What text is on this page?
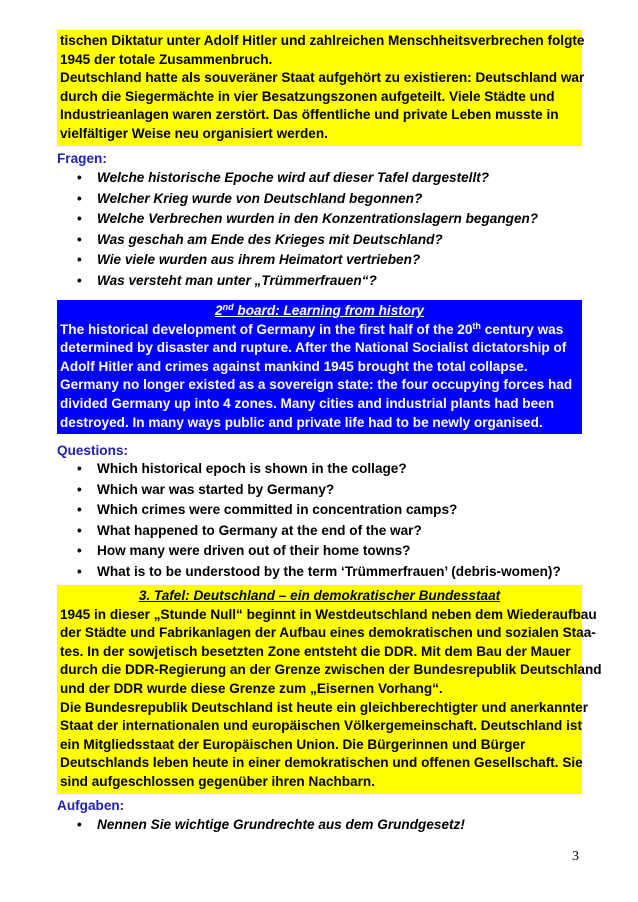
tischen Diktatur unter Adolf Hitler und zahlreichen Menschheitsverbrechen folgte
1945 der totale Zusammenbruch.
Deutschland hatte als souveräner Staat aufgehört zu existieren: Deutschland war
durch die Siegermächte in vier Besatzungszonen aufgeteilt. Viele Städte und
Industrieanlagen waren zerstört. Das öffentliche und private Leben musste in
vielfältiger Weise neu organisiert werden.
Fragen:
• Welche historische Epoche wird auf dieser Tafel dargestellt?
• Welcher Krieg wurde von Deutschland begonnen?
• Welche Verbrechen wurden in den Konzentrationslagern begangen?
• Was geschah am Ende des Krieges mit Deutschland?
• Wie viele wurden aus ihrem Heimatort vertrieben?
• Was versteht man unter „Trümmerfrauen“?
2nd board: Learning from history
The historical development of Germany in the first half of the 20th century was
determined by disaster and rupture. After the National Socialist dictatorship of
Adolf Hitler and crimes against mankind 1945 brought the total collapse.
Germany no longer existed as a sovereign state: the four occupying forces had
divided Germany up into 4 zones. Many cities and industrial plants had been
destroyed. In many ways public and private life had to be newly organised.
Questions:
• Which historical epoch is shown in the collage?
• Which war was started by Germany?
• Which crimes were committed in concentration camps?
• What happened to Germany at the end of the war?
• How many were driven out of their home towns?
• What is to be understood by the term ‘Trümmerfrauen’ (debris-women)?
3. Tafel: Deutschland – ein demokratischer Bundesstaat
1945 in dieser „Stunde Null“ beginnt in Westdeutschland neben dem Wiederaufbau
der Städte und Fabrikanlagen der Aufbau eines demokratischen und sozialen Staa-
tes. In der sowjetisch besetzten Zone entsteht die DDR. Mit dem Bau der Mauer
durch die DDR-Regierung an der Grenze zwischen der Bundesrepublik Deutschland
und der DDR wurde diese Grenze zum „Eisernen Vorhang“.
Die Bundesrepublik Deutschland ist heute ein gleichberechtigter und anerkannter
Staat der internationalen und europäischen Völkergemeinschaft. Deutschland ist
ein Mitgliedsstaat der Europäischen Union. Die Bürgerinnen und Bürger
Deutschlands leben heute in einer demokratischen und offenen Gesellschaft. Sie
sind aufgeschlossen gegenüber ihren Nachbarn.
Aufgaben:
• Nennen Sie wichtige Grundrechte aus dem Grundgesetz!
3
